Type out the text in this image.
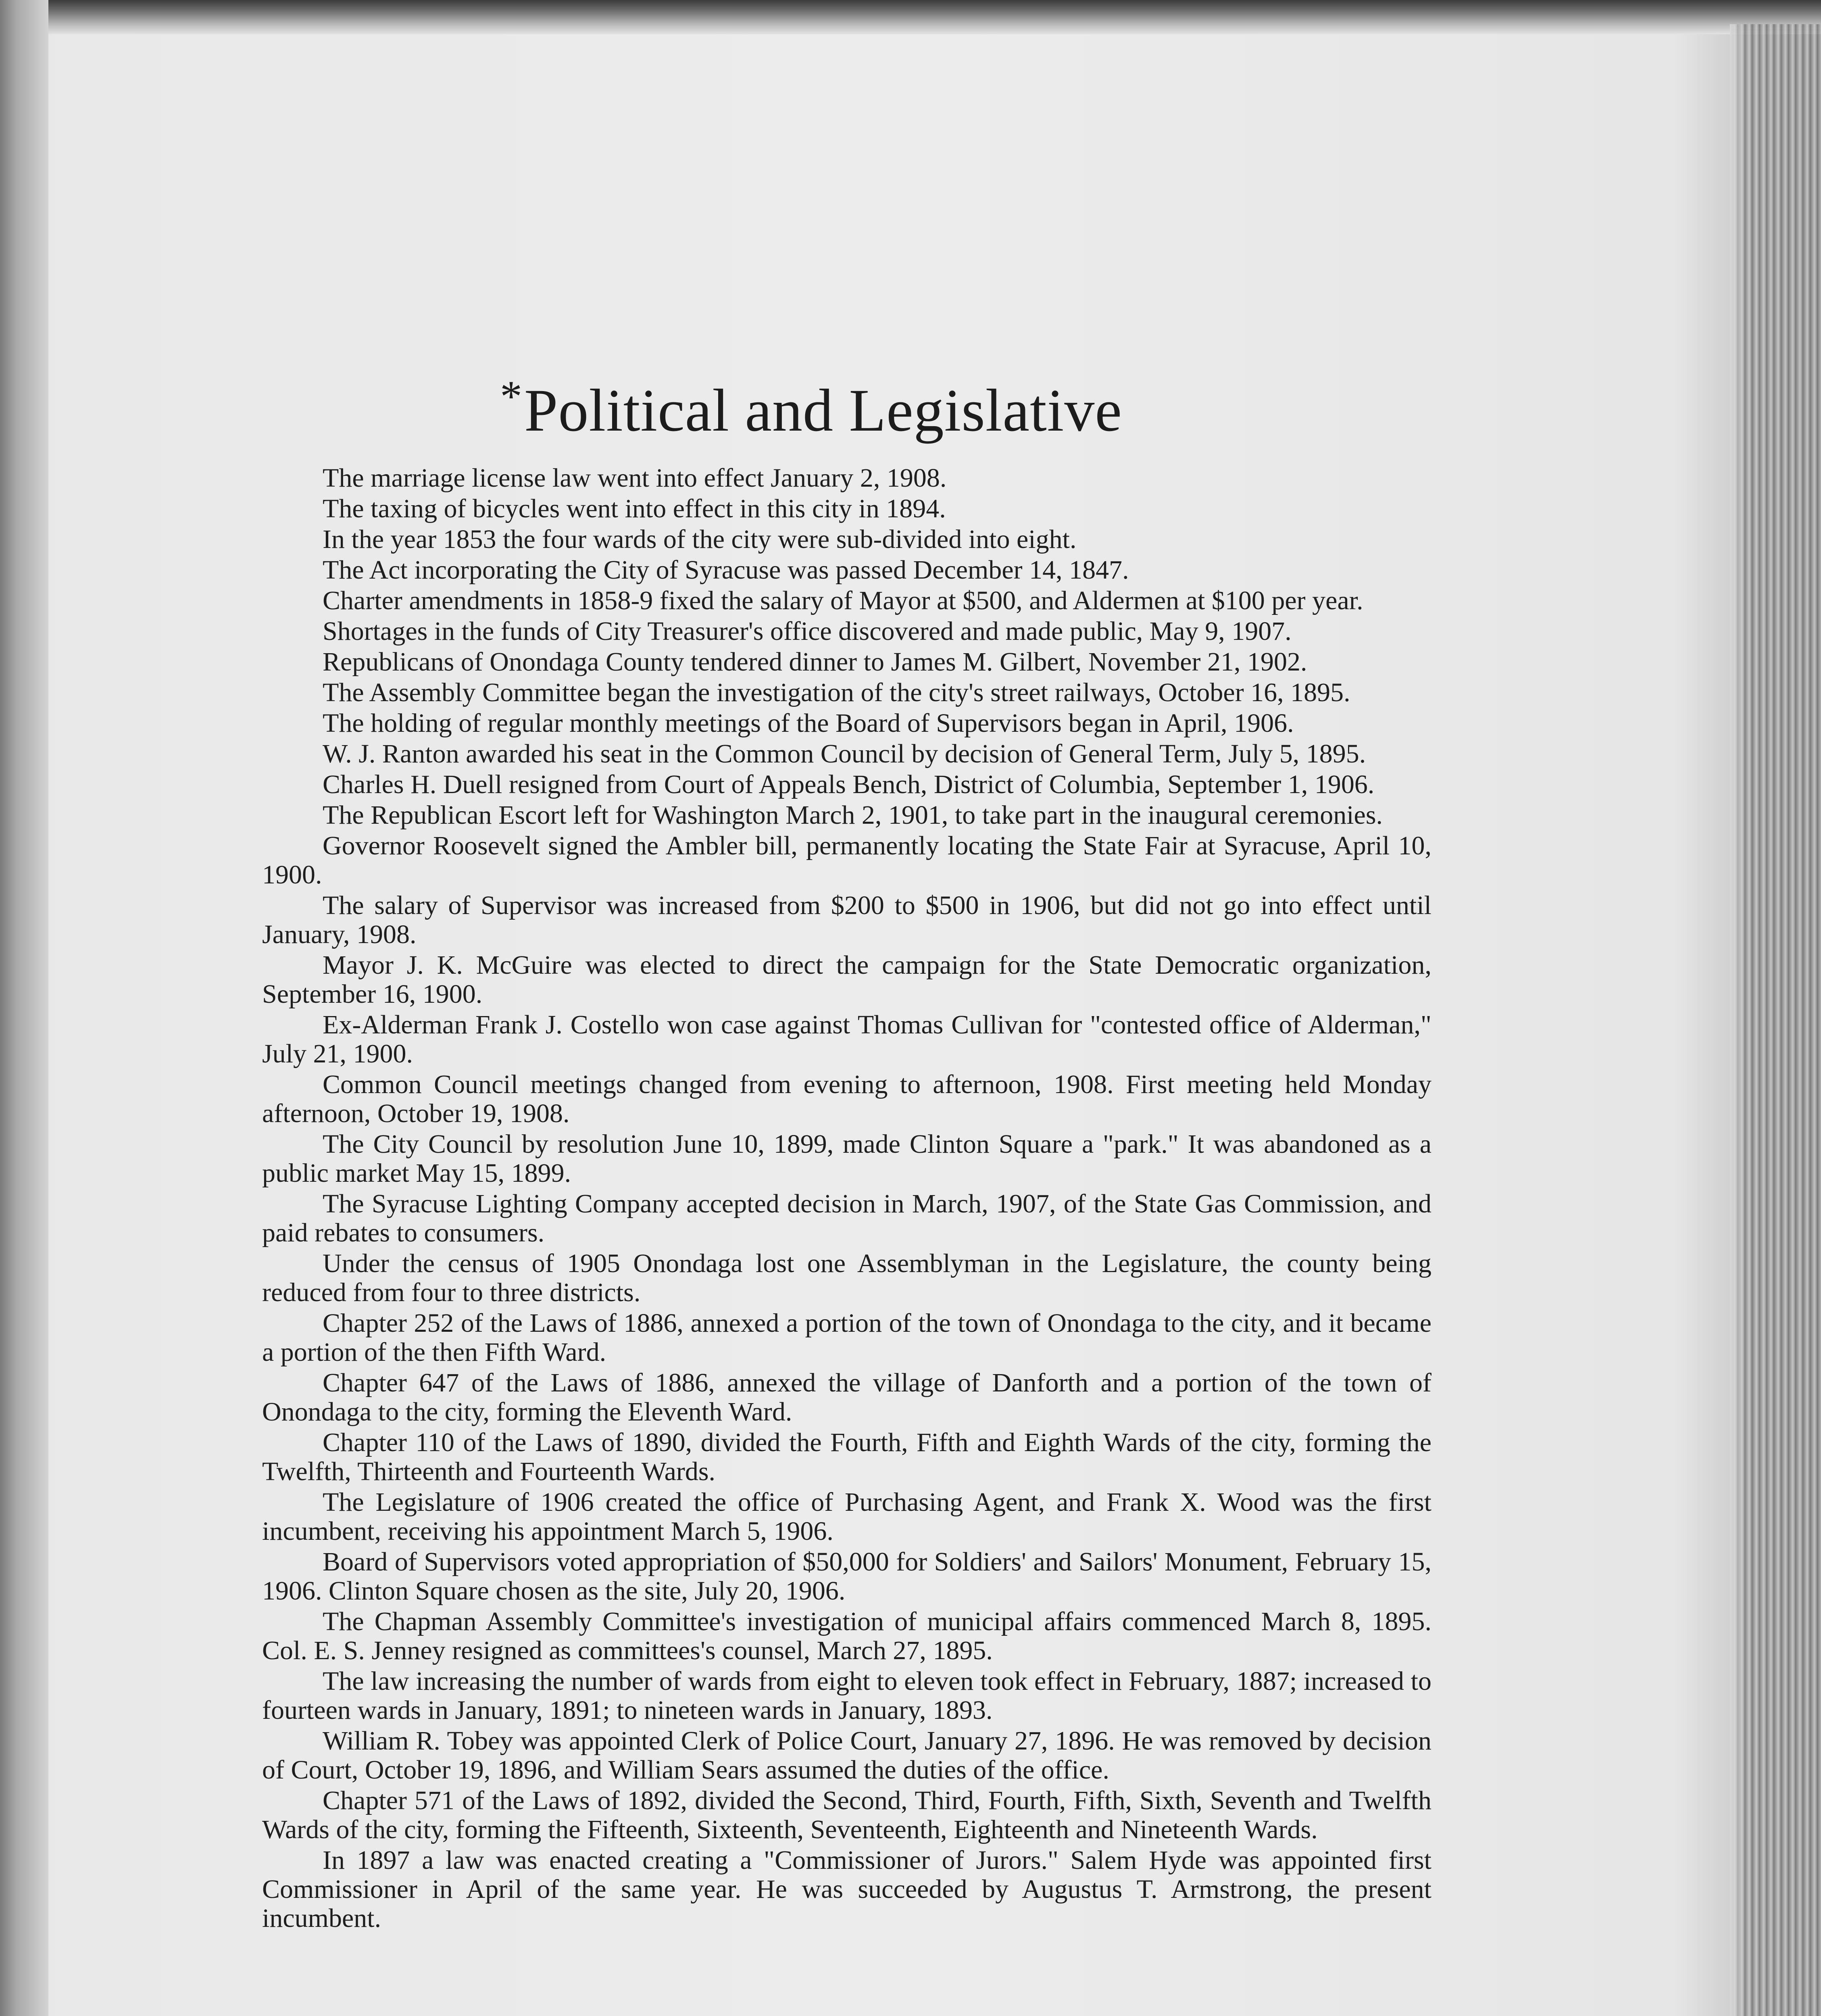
*Political and Legislative

The marriage license law went into effect January 2, 1908.

The taxing of bicycles went into effect in this city in 1894.

In the year 1853 the four wards of the city were sub-divided into eight.

The Act incorporating the City of Syracuse was passed December 14, 1847.

Charter amendments in 1858-9 fixed the salary of Mayor at $500, and Aldermen at $100 per year.

Shortages in the funds of City Treasurer's office discovered and made public, May 9, 1907.

Republicans of Onondaga County tendered dinner to James M. Gilbert, November 21, 1902.

The Assembly Committee began the investigation of the city's street railways, October 16, 1895.

The holding of regular monthly meetings of the Board of Supervisors began in April, 1906.

W. J. Ranton awarded his seat in the Common Council by decision of General Term, July 5, 1895.

Charles H. Duell resigned from Court of Appeals Bench, District of Columbia, September 1, 1906.

The Republican Escort left for Washington March 2, 1901, to take part in the inaugural ceremonies.

Governor Roosevelt signed the Ambler bill, permanently locating the State Fair at Syracuse, April 10, 1900.

The salary of Supervisor was increased from $200 to $500 in 1906, but did not go into effect until January, 1908.

Mayor J. K. McGuire was elected to direct the campaign for the State Democratic organization, September 16, 1900.

Ex-Alderman Frank J. Costello won case against Thomas Cullivan for "contested office of Alderman," July 21, 1900.

Common Council meetings changed from evening to afternoon, 1908. First meeting held Monday afternoon, October 19, 1908.

The City Council by resolution June 10, 1899, made Clinton Square a "park." It was abandoned as a public market May 15, 1899.

The Syracuse Lighting Company accepted decision in March, 1907, of the State Gas Commission, and paid rebates to consumers.

Under the census of 1905 Onondaga lost one Assemblyman in the Legislature, the county being reduced from four to three districts.

Chapter 252 of the Laws of 1886, annexed a portion of the town of Onondaga to the city, and it became a portion of the then Fifth Ward.

Chapter 647 of the Laws of 1886, annexed the village of Danforth and a portion of the town of Onondaga to the city, forming the Eleventh Ward.

Chapter 110 of the Laws of 1890, divided the Fourth, Fifth and Eighth Wards of the city, forming the Twelfth, Thirteenth and Fourteenth Wards.

The Legislature of 1906 created the office of Purchasing Agent, and Frank X. Wood was the first incumbent, receiving his appointment March 5, 1906.

Board of Supervisors voted appropriation of $50,000 for Soldiers' and Sailors' Monument, February 15, 1906. Clinton Square chosen as the site, July 20, 1906.

The Chapman Assembly Committee's investigation of municipal affairs commenced March 8, 1895. Col. E. S. Jenney resigned as committees's counsel, March 27, 1895.

The law increasing the number of wards from eight to eleven took effect in February, 1887; increased to fourteen wards in January, 1891; to nineteen wards in January, 1893.

William R. Tobey was appointed Clerk of Police Court, January 27, 1896. He was removed by decision of Court, October 19, 1896, and William Sears assumed the duties of the office.

Chapter 571 of the Laws of 1892, divided the Second, Third, Fourth, Fifth, Sixth, Seventh and Twelfth Wards of the city, forming the Fifteenth, Sixteenth, Seventeenth, Eighteenth and Nineteenth Wards.

In 1897 a law was enacted creating a "Commissioner of Jurors." Salem Hyde was appointed first Commissioner in April of the same year. He was succeeded by Augustus T. Armstrong, the present incumbent.
